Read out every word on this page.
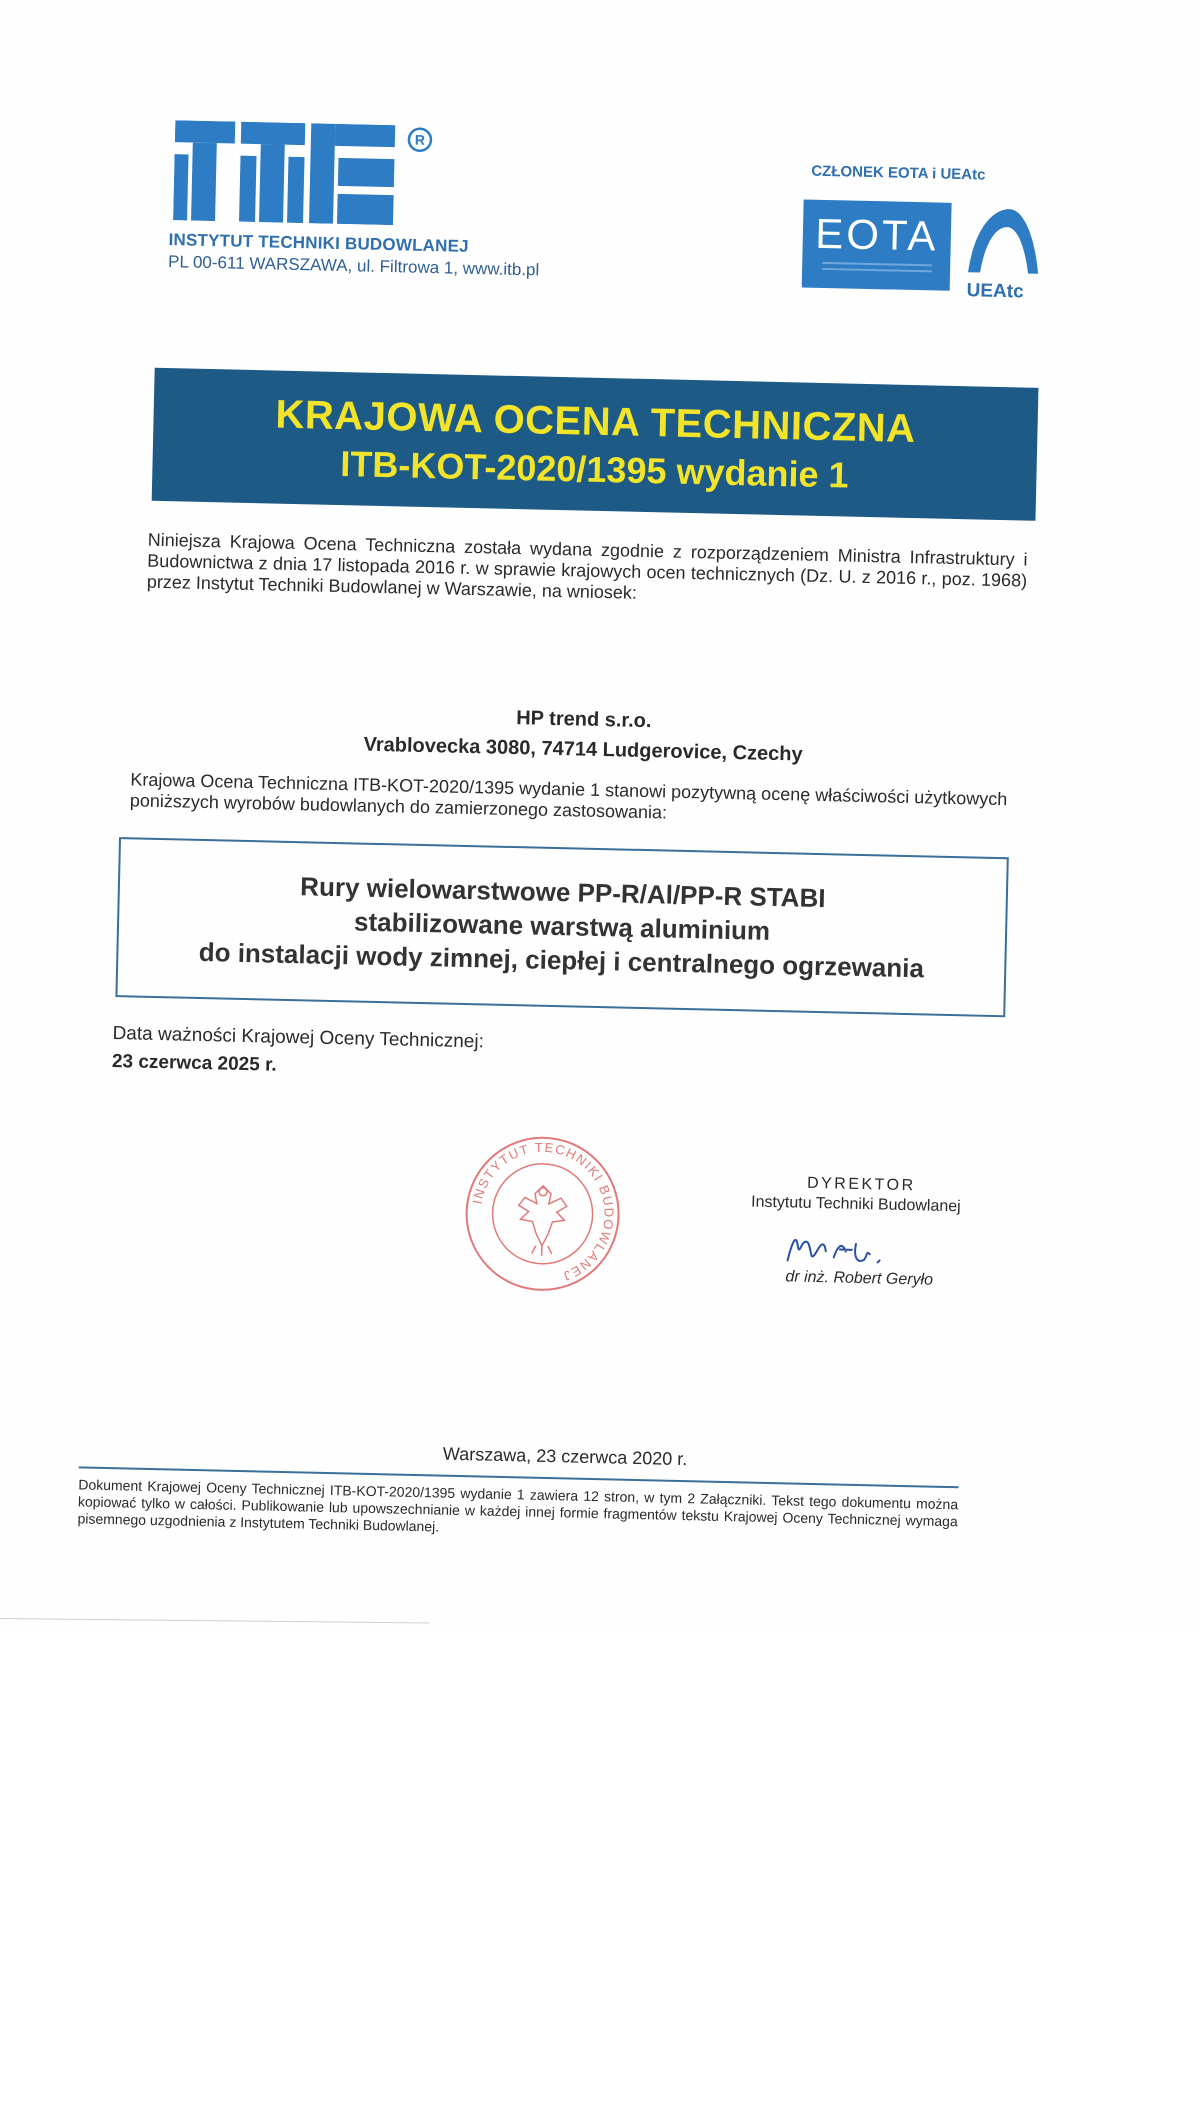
R
INSTYTUT TECHNIKI BUDOWLANEJ
PL 00-611 WARSZAWA, ul. Filtrowa 1, www.itb.pl
CZŁONEK EOTA i UEAtc
EOTA
UEAtc
KRAJOWA OCENA TECHNICZNA
ITB-KOT-2020/1395 wydanie 1
Niniejsza Krajowa Ocena Techniczna została wydana zgodnie z rozporządzeniem Ministra Infrastruktury i Budownictwa z dnia 17 listopada 2016 r. w sprawie krajowych ocen technicznych (Dz. U. z 2016 r., poz. 1968) przez Instytut Techniki Budowlanej w Warszawie, na wniosek:
HP trend s.r.o.
Vrablovecka 3080, 74714 Ludgerovice, Czechy
Krajowa Ocena Techniczna ITB-KOT-2020/1395 wydanie 1 stanowi pozytywną ocenę właściwości użytkowych poniższych wyrobów budowlanych do zamierzonego zastosowania:
Rury wielowarstwowe PP-R/Al/PP-R STABI
stabilizowane warstwą aluminium
do instalacji wody zimnej, ciepłej i centralnego ogrzewania
Data ważności Krajowej Oceny Technicznej:
23 czerwca 2025 r.
INSTYTUT TECHNIKI BUDOWLANEJ
DYREKTOR
Instytutu Techniki Budowlanej
dr inż. Robert Geryło
Warszawa, 23 czerwca 2020 r.
Dokument Krajowej Oceny Technicznej ITB-KOT-2020/1395 wydanie 1 zawiera 12 stron, w tym 2 Załączniki. Tekst tego dokumentu można kopiować tylko w całości. Publikowanie lub upowszechnianie w każdej innej formie fragmentów tekstu Krajowej Oceny Technicznej wymaga pisemnego uzgodnienia z Instytutem Techniki Budowlanej.
